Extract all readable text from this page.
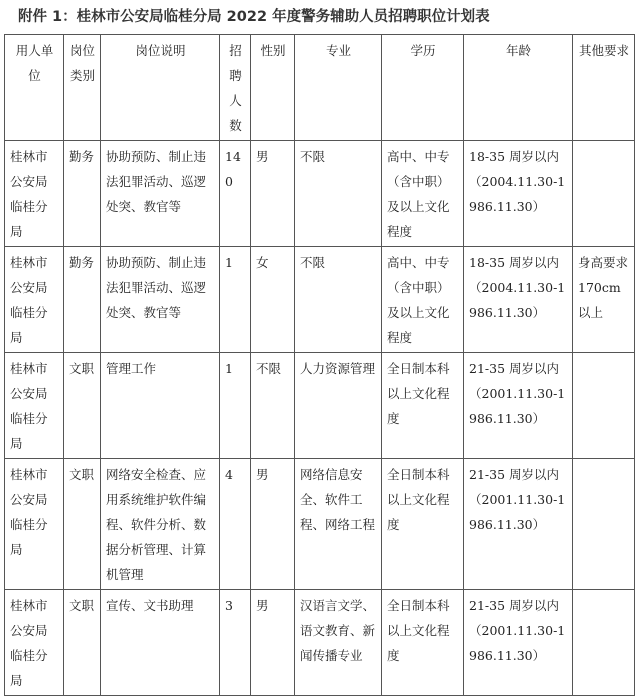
附件 1：桂林市公安局临桂分局 2022 年度警务辅助人员招聘职位计划表
用人单位	岗位类别	岗位说明	招聘人数	性别	专业	学历	年龄	其他要求
桂林市公安局临桂分局	勤务	协助预防、制止违法犯罪活动、巡逻处突、教官等	140	男	不限	高中、中专（含中职）及以上文化程度	18-35 周岁以内（2004.11.30-1986.11.30）	
桂林市公安局临桂分局	勤务	协助预防、制止违法犯罪活动、巡逻处突、教官等	1	女	不限	高中、中专（含中职）及以上文化程度	18-35 周岁以内（2004.11.30-1986.11.30）	身高要求 170cm 以上
桂林市公安局临桂分局	文职	管理工作	1	不限	人力资源管理	全日制本科以上文化程度	21-35 周岁以内（2001.11.30-1986.11.30）	
桂林市公安局临桂分局	文职	网络安全检查、应用系统维护软件编程、软件分析、数据分析管理、计算机管理	4	男	网络信息安全、软件工程、网络工程	全日制本科以上文化程度	21-35 周岁以内（2001.11.30-1986.11.30）	
桂林市公安局临桂分局	文职	宣传、文书助理	3	男	汉语言文学、语文教育、新闻传播专业	全日制本科以上文化程度	21-35 周岁以内（2001.11.30-1986.11.30）	
